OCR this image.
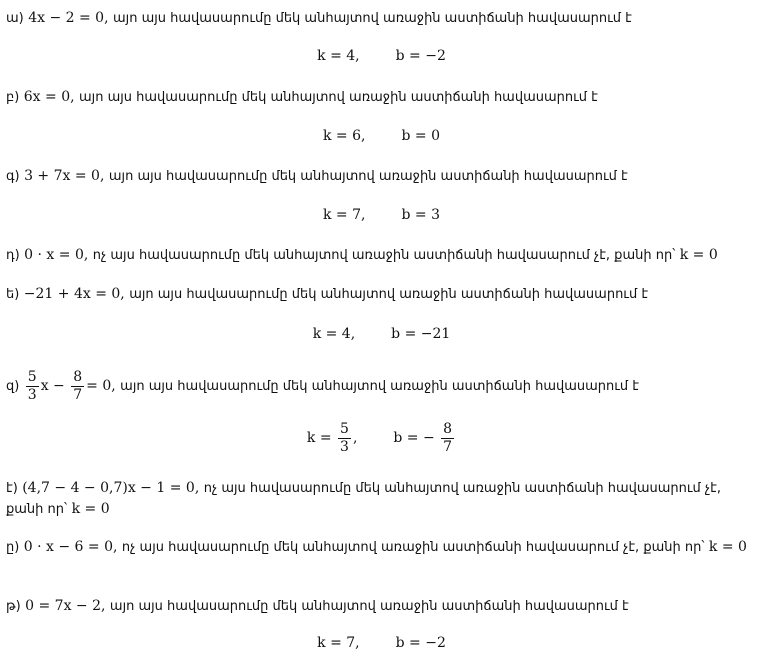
ա) 4x − 2 = 0, այո այս հավասարումը մեկ անհայտով առաջին աստիճանի հավասարում է
k = 4,	b = −2
բ) 6x = 0, այո այս հավասարումը մեկ անհայտով առաջին աստիճանի հավասարում է
k = 6,	b = 0
գ) 3 + 7x = 0, այո այս հավասարումը մեկ անհայտով առաջին աստիճանի հավասարում է
k = 7,	b = 3
դ) 0 · x = 0, ոչ այս հավասարումը մեկ անհայտով առաջին աստիճանի հավասարում չէ, քանի որ՝ k = 0
ե) −21 + 4x = 0, այո այս հավասարումը մեկ անհայտով առաջին աստիճանի հավասարում է
k = 4,	b = −21
զ) $\frac{5}{3}$ $x - \frac{8}{7} = 0$, այո այս հավասարումը մեկ անհայտով առաջին աստիճանի հավասարում է
$k = \frac{5}{3}$ ,	b = − $\frac{8}{7}$
է) (4,7 − 4 − 0,7)x − 1 = 0, ոչ այս հավասարումը մեկ անհայտով առաջին աստիճանի հավասարում չէ, քանի որ՝ k = 0
ը) 0 · x − 6 = 0, ոչ այս հավասարումը մեկ անհայտով առաջին աստիճանի հավասարում չէ, քանի որ՝ k = 0
թ) 0 = 7x − 2, այո այս հավասարումը մեկ անհայտով առաջին աստիճանի հավասարում է
k = 7,	b = −2
